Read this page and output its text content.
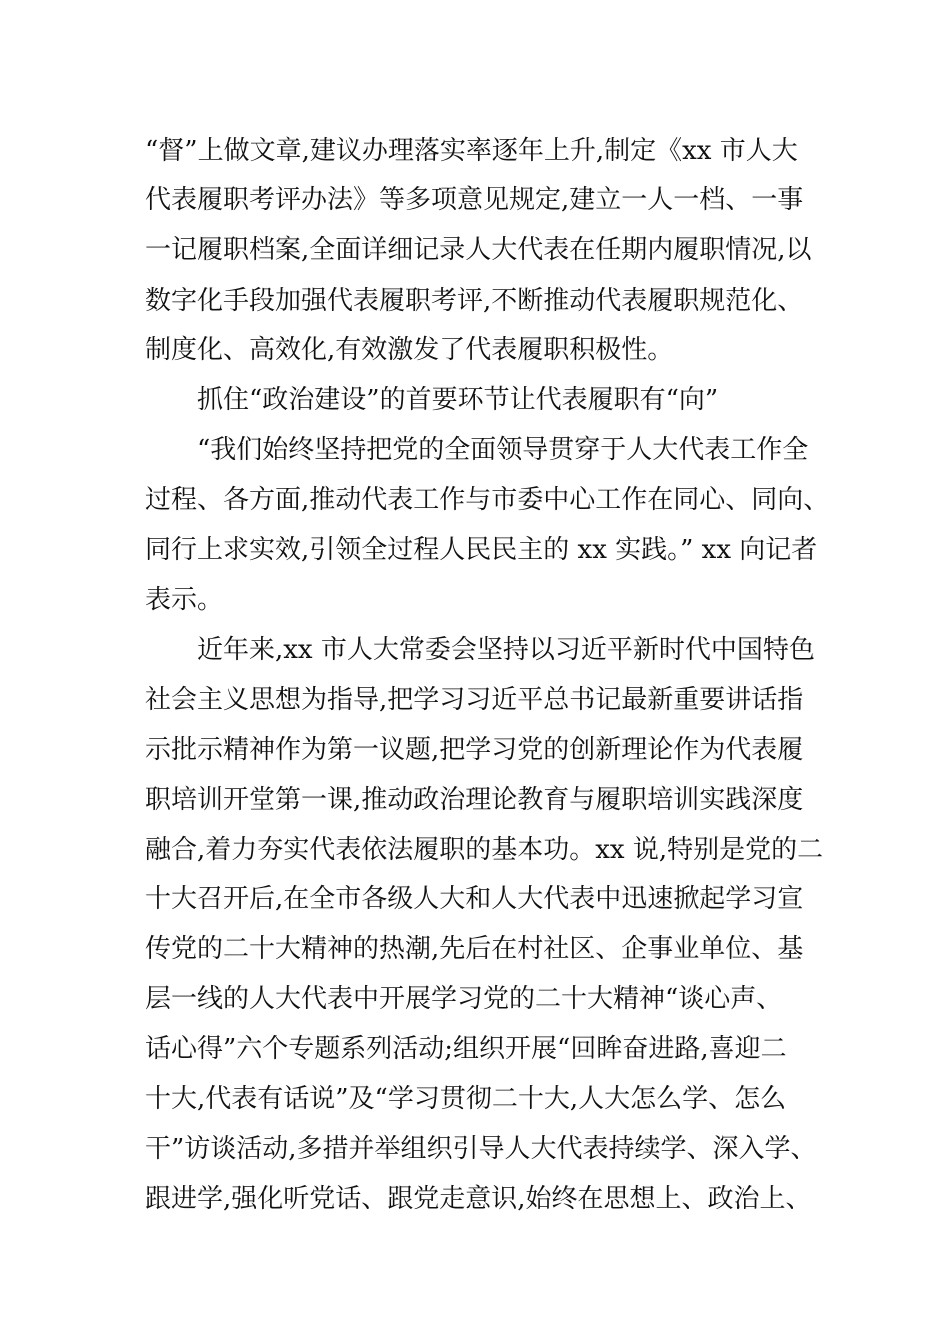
“督”上做文章,建议办理落实率逐年上升,制定《xx 市人大

代表履职考评办法》等多项意见规定,建立一人一档、一事

一记履职档案,全面详细记录人大代表在任期内履职情况,以

数字化手段加强代表履职考评,不断推动代表履职规范化、

制度化、高效化,有效激发了代表履职积极性。

抓住“政治建设”的首要环节让代表履职有“向”

“我们始终坚持把党的全面领导贯穿于人大代表工作全

过程、各方面,推动代表工作与市委中心工作在同心、同向、

同行上求实效,引领全过程人民民主的 xx 实践。” xx 向记者

表示。

近年来,xx 市人大常委会坚持以习近平新时代中国特色

社会主义思想为指导,把学习习近平总书记最新重要讲话指

示批示精神作为第一议题,把学习党的创新理论作为代表履

职培训开堂第一课,推动政治理论教育与履职培训实践深度

融合,着力夯实代表依法履职的基本功。xx 说,特别是党的二

十大召开后,在全市各级人大和人大代表中迅速掀起学习宣

传党的二十大精神的热潮,先后在村社区、企事业单位、基

层一线的人大代表中开展学习党的二十大精神“谈心声、

话心得”六个专题系列活动;组织开展“回眸奋进路,喜迎二

十大,代表有话说”及“学习贯彻二十大,人大怎么学、怎么

干”访谈活动,多措并举组织引导人大代表持续学、深入学、

跟进学,强化听党话、跟党走意识,始终在思想上、政治上、
